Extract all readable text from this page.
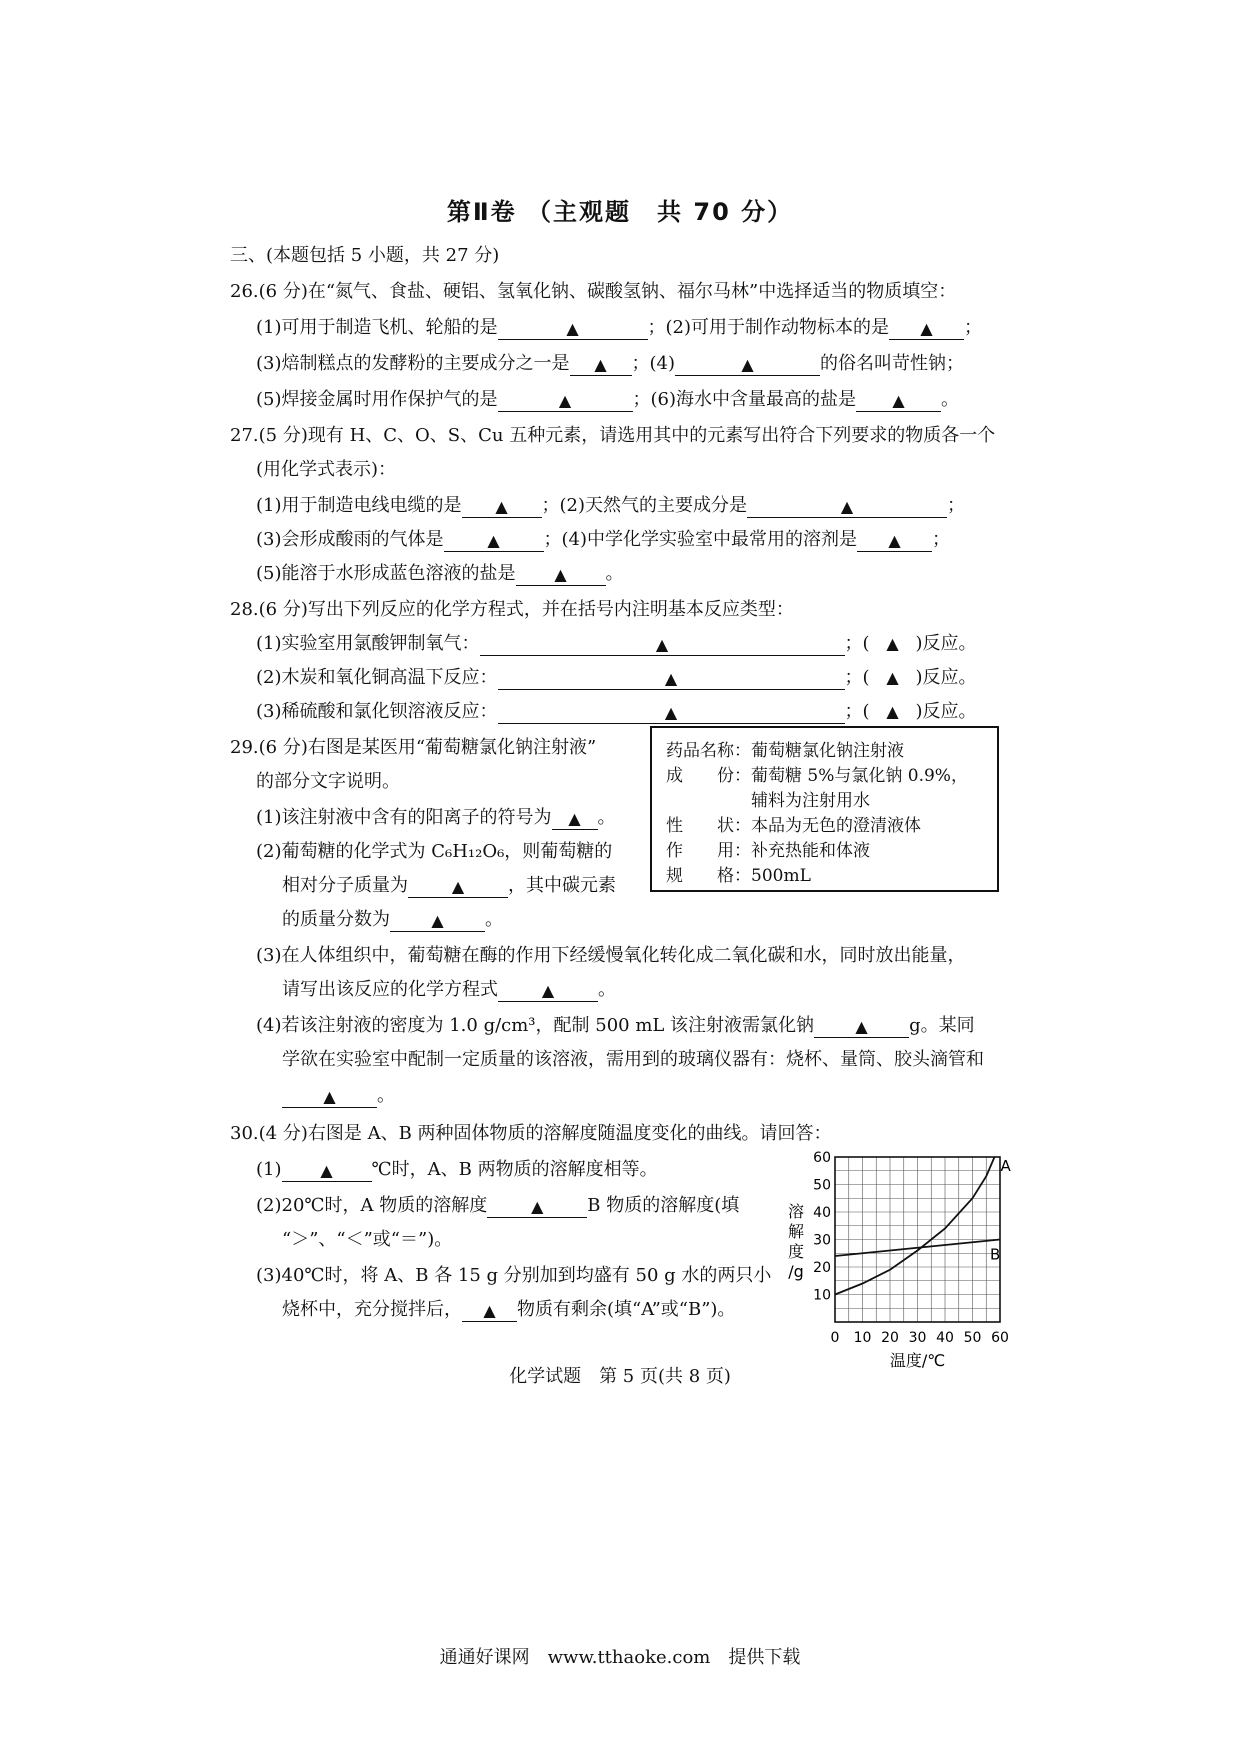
第Ⅱ卷 （主观题　共 70 分）
三、(本题包括 5 小题，共 27 分)
26.(6 分)在“氮气、食盐、硬铝、氢氧化钠、碳酸氢钠、福尔马林”中选择适当的物质填空：
(1)可用于制造飞机、轮船的是	▲	；(2)可用于制作动物标本的是 ▲ ；
(3)焙制糕点的发酵粉的主要成分之一是 ▲ ；(4)	▲	的俗名叫苛性钠；
(5)焊接金属时用作保护气的是	▲	；(6)海水中含量最高的盐是 ▲ 。
27.(5 分)现有 H、C、O、S、Cu 五种元素，请选用其中的元素写出符合下列要求的物质各一个
(用化学式表示)：
(1)用于制造电线电缆的是 ▲ ；(2)天然气的主要成分是	▲	；
(3)会形成酸雨的气体是	▲ ；(4)中学化学实验室中最常用的溶剂是 ▲ ；
(5)能溶于水形成蓝色溶液的盐是 ▲ 。
28.(6 分)写出下列反应的化学方程式，并在括号内注明基本反应类型：
(1)实验室用氯酸钾制氧气：	▲	；( ▲ )反应。
(2)木炭和氧化铜高温下反应：	▲	；( ▲ )反应。
(3)稀硫酸和氯化钡溶液反应：	▲	；( ▲ )反应。
29.(6 分)右图是某医用“葡萄糖氯化钠注射液”
的部分文字说明。
(1)该注射液中含有的阳离子的符号为 ▲ 。
(2)葡萄糖的化学式为 C₆H₁₂O₆，则葡萄糖的
相对分子质量为	▲ ，其中碳元素
的质量分数为	▲ 。
(3)在人体组织中，葡萄糖在酶的作用下经缓慢氧化转化成二氧化碳和水，同时放出能量，
请写出该反应的化学方程式	▲ 。
(4)若该注射液的密度为 1.0 g/cm³，配制 500 mL 该注射液需氯化钠	▲ g。某同
学欲在实验室中配制一定质量的该溶液，需用到的玻璃仪器有：烧杯、量筒、胶头滴管和
▲ 。
药品名称：葡萄糖氯化钠注射液
成　　份：葡萄糖 5%与氯化钠 0.9%，
　　　　　辅料为注射用水
性　　状：本品为无色的澄清液体
作　　用：补充热能和体液
规　　格：500mL
30.(4 分)右图是 A、B 两种固体物质的溶解度随温度变化的曲线。请回答：
(1) ▲ ℃时，A、B 两物质的溶解度相等。
(2)20℃时，A 物质的溶解度	▲ B 物质的溶解度(填
“＞”、“＜”或“＝”)。
(3)40℃时，将 A、B 各 15 g 分别加到均盛有 50 g 水的两只小
烧杯中，充分搅拌后， ▲ 物质有剩余(填“A”或“B”)。
0 10 20 30 40 50 60
10
20
30
40
50
60
溶解度/g
温度/℃
A
B
化学试题　第 5 页(共 8 页)
通通好课网　www.tthaoke.com　提供下载
